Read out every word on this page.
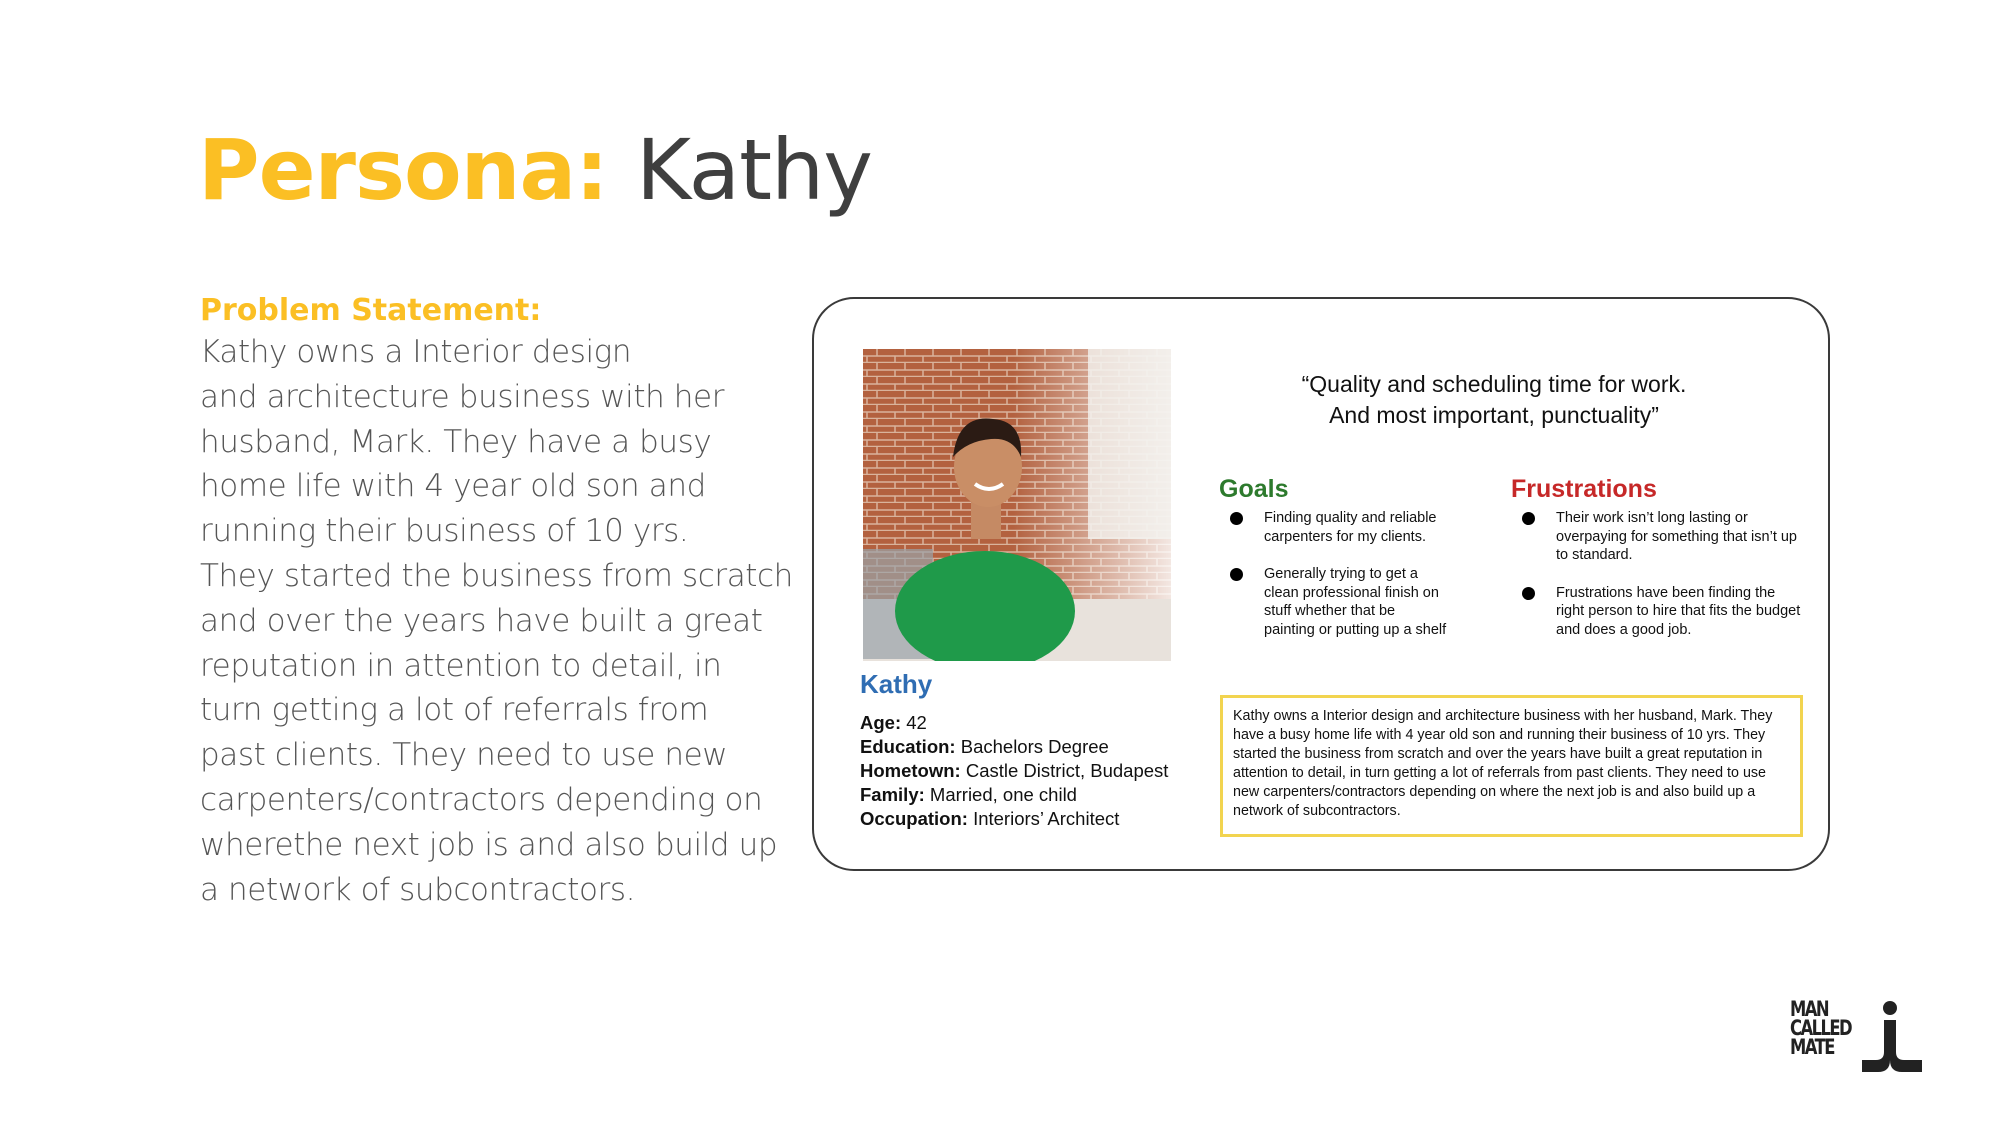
Persona: Kathy
Problem Statement:
Kathy owns a Interior design
and architecture business with her
husband, Mark. They have a busy
home life with 4 year old son and
running their business of 10 yrs.
They started the business from scratch
and over the years have built a great
reputation in attention to detail, in
turn getting a lot of referrals from
past clients. They need to use new
carpenters/contractors depending on
wherethe next job is and also build up
a network of subcontractors.
Kathy
Age: 42
Education: Bachelors Degree
Hometown: Castle District, Budapest
Family: Married, one child
Occupation: Interiors’ Architect
“Quality and scheduling time for work.
And most important, punctuality”
Goals
Finding quality and reliable carpenters for my clients.
Generally trying to get a clean professional finish on stuff whether that be painting or putting up a shelf
Frustrations
Their work isn’t long lasting or overpaying for something that isn’t up to standard.
Frustrations have been finding the right person to hire that fits the budget and does a good job.
Kathy owns a Interior design and architecture business with her husband, Mark. They have a busy home life with 4 year old son and running their business of 10 yrs. They started the business from scratch and over the years have built a great reputation in attention to detail, in turn getting a lot of referrals from past clients. They need to use new carpenters/contractors depending on where the next job is and also build up a network of subcontractors.
MAN
CALLED
MATE
